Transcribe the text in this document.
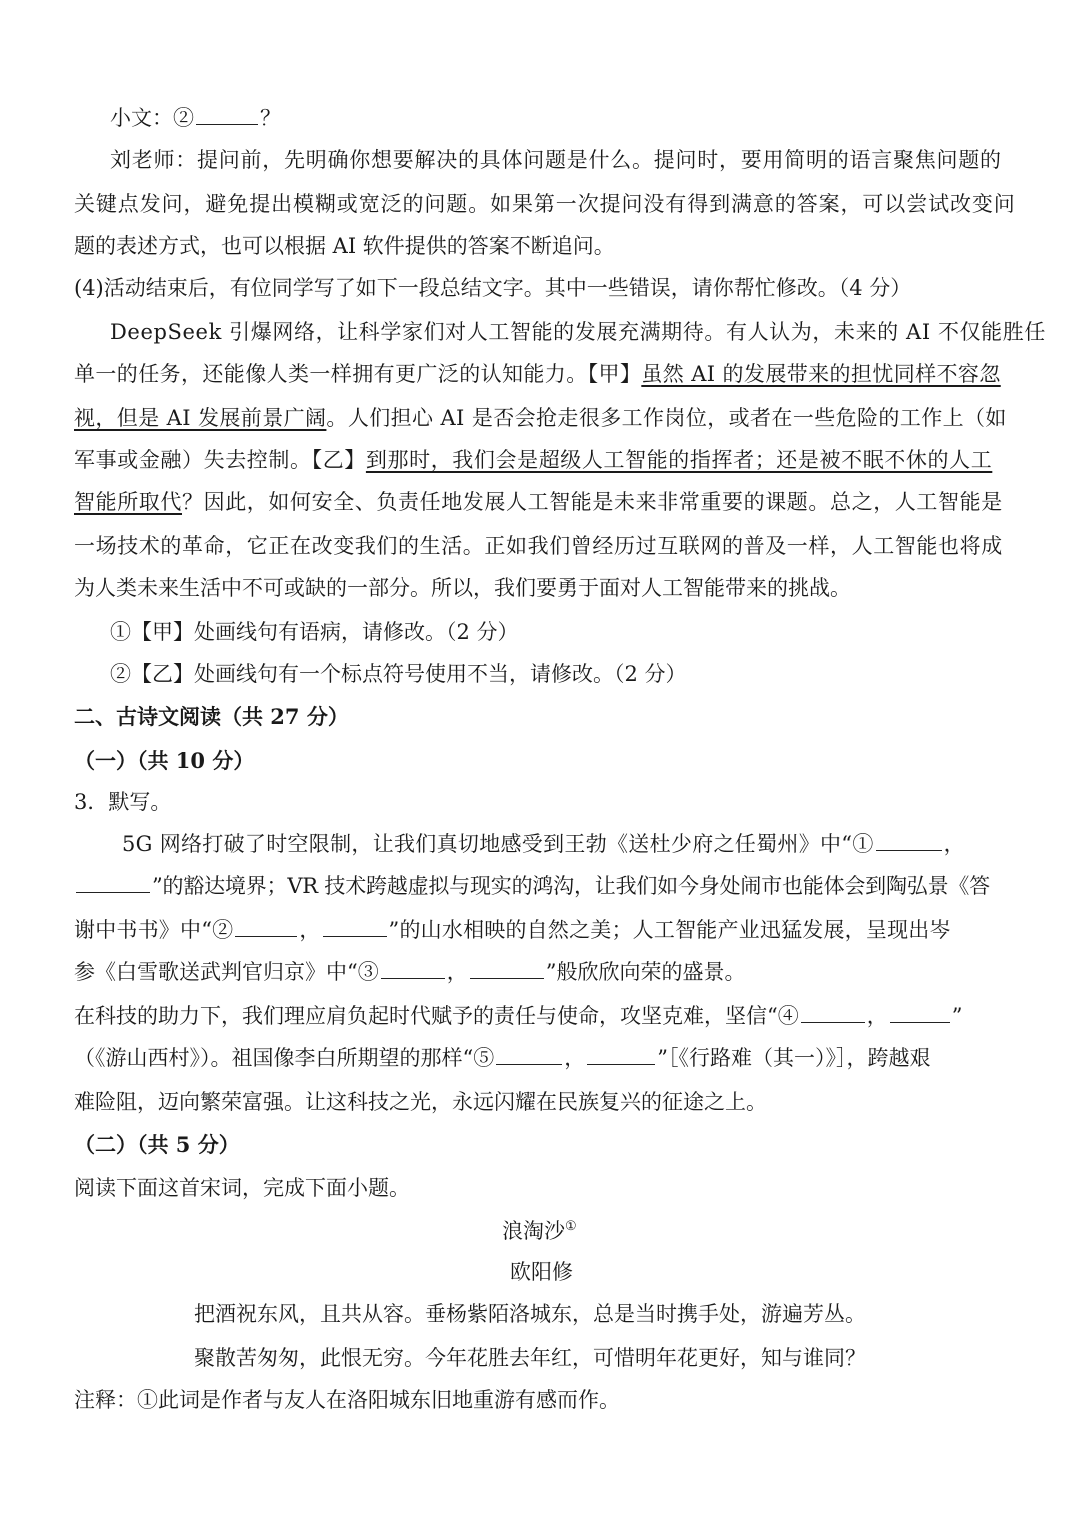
小文：②	？
刘老师：提问前，先明确你想要解决的具体问题是什么。提问时，要用简明的语言聚焦问题的
关键点发问，避免提出模糊或宽泛的问题。如果第一次提问没有得到满意的答案，可以尝试改变问
题的表述方式，也可以根据 AI 软件提供的答案不断追问。
(4)活动结束后，有位同学写了如下一段总结文字。其中一些错误，请你帮忙修改。（4 分）
DeepSeek 引爆网络，让科学家们对人工智能的发展充满期待。有人认为，未来的 AI 不仅能胜任
单一的任务，还能像人类一样拥有更广泛的认知能力。【甲】虽然 AI 的发展带来的担忧同样不容忽
视，但是 AI 发展前景广阔。人们担心 AI 是否会抢走很多工作岗位，或者在一些危险的工作上（如
军事或金融）失去控制。【乙】到那时，我们会是超级人工智能的指挥者；还是被不眠不休的人工
智能所取代？因此，如何安全、负责任地发展人工智能是未来非常重要的课题。总之，人工智能是
一场技术的革命，它正在改变我们的生活。正如我们曾经历过互联网的普及一样，人工智能也将成
为人类未来生活中不可或缺的一部分。所以，我们要勇于面对人工智能带来的挑战。
①【甲】处画线句有语病，请修改。（2 分）
②【乙】处画线句有一个标点符号使用不当，请修改。（2 分）
二、古诗文阅读（共 27 分）
（一）（共 10 分）
3．默写。
5G 网络打破了时空限制，让我们真切地感受到王勃《送杜少府之任蜀州》中“①	，
”的豁达境界；VR 技术跨越虚拟与现实的鸿沟，让我们如今身处闹市也能体会到陶弘景《答
谢中书书》中“②	，	”的山水相映的自然之美；人工智能产业迅猛发展，呈现出岑
参《白雪歌送武判官归京》中“③	，	”般欣欣向荣的盛景。
在科技的助力下，我们理应肩负起时代赋予的责任与使命，攻坚克难，坚信“④	，	”
（《游山西村》）。祖国像李白所期望的那样“⑤	，	”［《行路难（其一）》］，跨越艰
难险阻，迈向繁荣富强。让这科技之光，永远闪耀在民族复兴的征途之上。
（二）（共 5 分）
阅读下面这首宋词，完成下面小题。
浪淘沙①
欧阳修
把酒祝东风，且共从容。垂杨紫陌洛城东，总是当时携手处，游遍芳丛。
聚散苦匆匆，此恨无穷。今年花胜去年红，可惜明年花更好，知与谁同？
注释：①此词是作者与友人在洛阳城东旧地重游有感而作。
